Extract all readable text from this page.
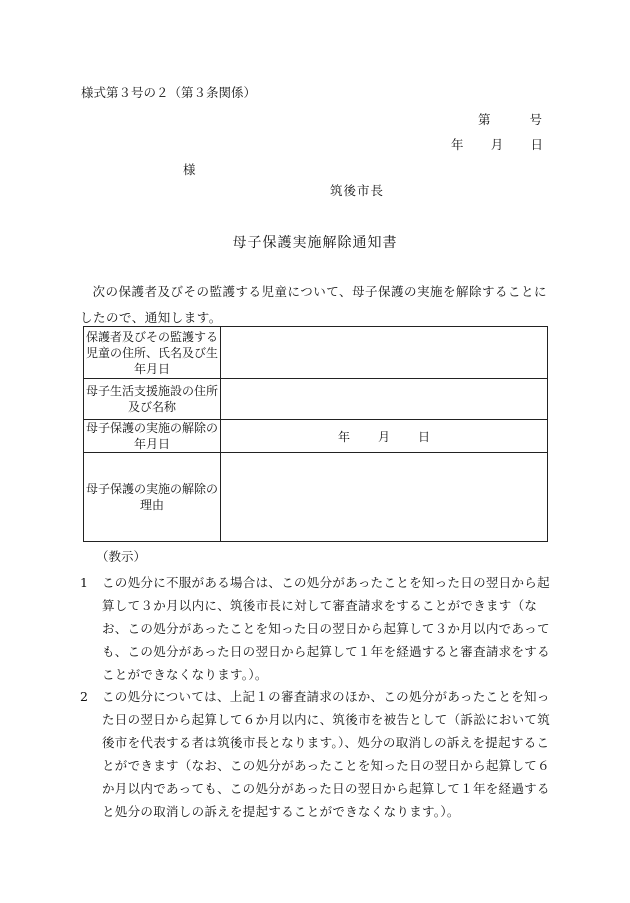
様式第３号の２（第３条関係）
第	号
年 月 日
様
筑後市長
母子保護実施解除通知書
次の保護者及びその監護する児童について、母子保護の実施を解除することにしたので、通知します。
保護者及びその監護する児童の住所、氏名及び生年月日	
母子生活支援施設の住所及び名称	
母子保護の実施の解除の年月日	年 月 日

母子保護の実施の解除の理由	
（教示）
1 この処分に不服がある場合は、この処分があったことを知った日の翌日から起算して３か月以内に、筑後市長に対して審査請求をすることができます（なお、この処分があったことを知った日の翌日から起算して３か月以内であっても、この処分があった日の翌日から起算して１年を経過すると審査請求をすることができなくなります。）。
2 この処分については、上記１の審査請求のほか、この処分があったことを知った日の翌日から起算して６か月以内に、筑後市を被告として（訴訟において筑後市を代表する者は筑後市長となります。）、処分の取消しの訴えを提起することができます（なお、この処分があったことを知った日の翌日から起算して６か月以内であっても、この処分があった日の翌日から起算して１年を経過すると処分の取消しの訴えを提起することができなくなります。）。
